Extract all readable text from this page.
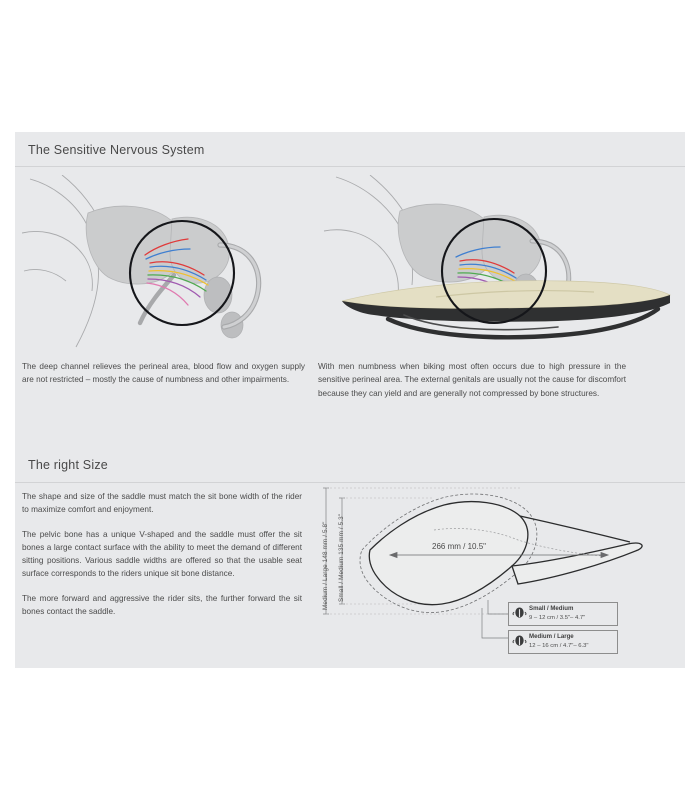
The Sensitive Nervous System

The deep channel relieves the perineal area, blood flow and oxygen supply are not restricted – mostly the cause of numbness and other impairments.

With men numbness when biking most often occurs due to high pressure in the sensitive perineal area. The external genitals are usually not the cause for discomfort because they can yield and are generally not compressed by bone structures.

The right Size

The shape and size of the saddle must match the sit bone width of the rider to maximize comfort and enjoyment.

The pelvic bone has a unique V-shaped and the saddle must offer the sit bones a large contact surface with the ability to meet the demand of different sitting positions. Various saddle widths are offered so that the usable seat surface corresponds to the riders unique sit bone distance.

The more forward and aggressive the rider sits, the further forward the sit bones contact the saddle.

266 mm / 10.5"
Medium / Large 148 mm / 5.8" Small / Medium 135 mm / 5.3"
Small / Medium
9 – 12 cm / 3.5"– 4.7"
Medium / Large
12 – 16 cm / 4.7"– 6.3"
